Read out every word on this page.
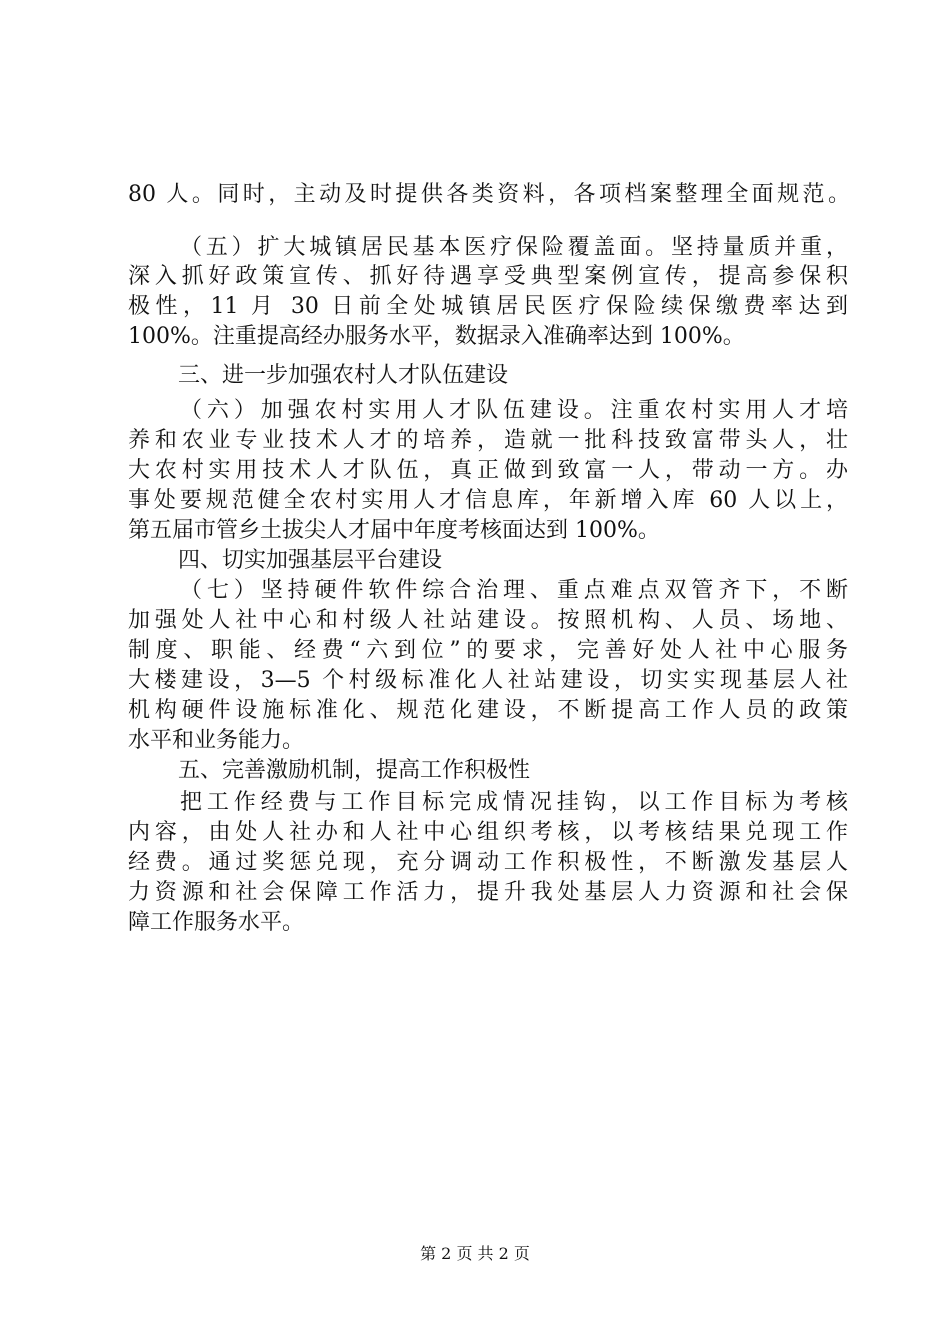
80 人。同时，主动及时提供各类资料，各项档案整理全面规范。
（五）扩大城镇居民基本医疗保险覆盖面。坚持量质并重，
深入抓好政策宣传、抓好待遇享受典型案例宣传，提高参保积
极性，11 月 30 日前全处城镇居民医疗保险续保缴费率达到
100%。注重提高经办服务水平，数据录入准确率达到 100%。
三、进一步加强农村人才队伍建设
（六）加强农村实用人才队伍建设。注重农村实用人才培
养和农业专业技术人才的培养，造就一批科技致富带头人，壮
大农村实用技术人才队伍，真正做到致富一人，带动一方。办
事处要规范健全农村实用人才信息库，年新增入库 60 人以上，
第五届市管乡土拔尖人才届中年度考核面达到 100%。
四、切实加强基层平台建设
（七）坚持硬件软件综合治理、重点难点双管齐下，不断
加强处人社中心和村级人社站建设。按照机构、人员、场地、
制度、职能、经费“六到位”的要求，完善好处人社中心服务
大楼建设，3—5 个村级标准化人社站建设，切实实现基层人社
机构硬件设施标准化、规范化建设，不断提高工作人员的政策
水平和业务能力。
五、完善激励机制，提高工作积极性
把工作经费与工作目标完成情况挂钩，以工作目标为考核
内容，由处人社办和人社中心组织考核，以考核结果兑现工作
经费。通过奖惩兑现，充分调动工作积极性，不断激发基层人
力资源和社会保障工作活力，提升我处基层人力资源和社会保
障工作服务水平。
第 2 页 共 2 页
